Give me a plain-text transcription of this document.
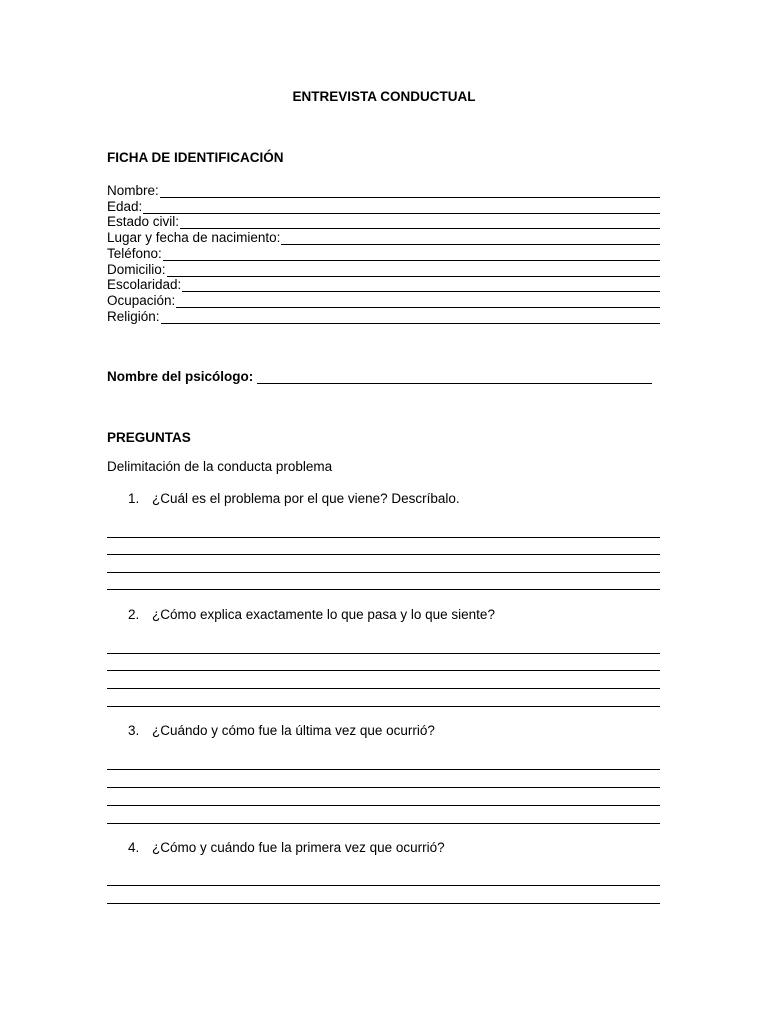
ENTREVISTA CONDUCTUAL
FICHA DE IDENTIFICACIÓN
Nombre:
Edad:
Estado civil:
Lugar y fecha de nacimiento:
Teléfono:
Domicilio:
Escolaridad:
Ocupación:
Religión:
Nombre del psicólogo:
PREGUNTAS
Delimitación de la conducta problema
1. ¿Cuál es el problema por el que viene? Descríbalo.
2. ¿Cómo explica exactamente lo que pasa y lo que siente?
3. ¿Cuándo y cómo fue la última vez que ocurrió?
4. ¿Cómo y cuándo fue la primera vez que ocurrió?
